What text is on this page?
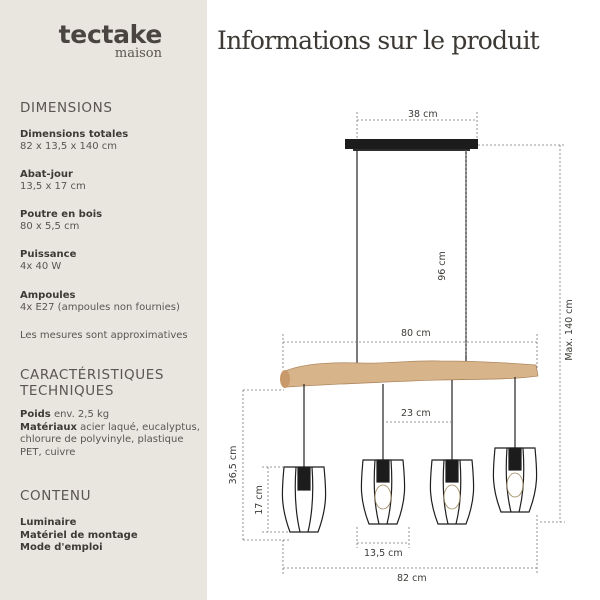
tectake
maison
DIMENSIONS
Dimensions totales
82 x 13,5 x 140 cm
Abat-jour
13,5 x 17 cm
Poutre en bois
80 x 5,5 cm
Puissance
4x 40 W
Ampoules
4x E27 (ampoules non fournies)
Les mesures sont approximatives
CARACTÉRISTIQUES
TECHNIQUES
Poids env. 2,5 kg
Matériaux acier laqué, eucalyptus, chlorure de polyvinyle, plastique PET, cuivre
CONTENU
Luminaire
Matériel de montage
Mode d'emploi
Informations sur le produit
38 cm
96 cm
80 cm	Max. 140 cm
23 cm
36,5 cm
17 cm
13,5 cm
82 cm
